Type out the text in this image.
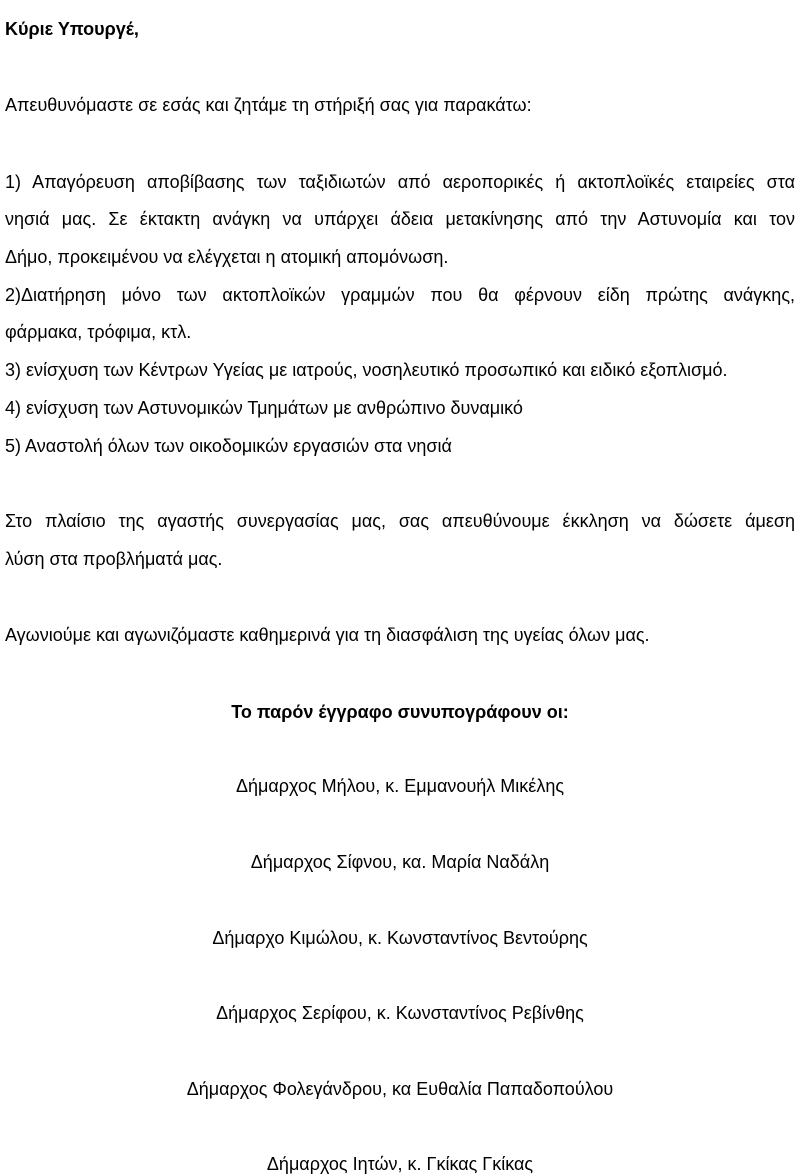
Κύριε Υπουργέ,
Απευθυνόμαστε σε εσάς και ζητάμε τη στήριξή σας για παρακάτω:
1) Απαγόρευση αποβίβασης των ταξιδιωτών από αεροπορικές ή ακτοπλοϊκές εταιρείες στα
νησιά μας. Σε έκτακτη ανάγκη να υπάρχει άδεια μετακίνησης από την Αστυνομία και τον
Δήμο, προκειμένου να ελέγχεται η ατομική απομόνωση.
2)Διατήρηση μόνο των ακτοπλοϊκών γραμμών που θα φέρνουν είδη πρώτης ανάγκης,
φάρμακα, τρόφιμα, κτλ.
3) ενίσχυση των Κέντρων Υγείας με ιατρούς, νοσηλευτικό προσωπικό και ειδικό εξοπλισμό.
4) ενίσχυση των Αστυνομικών Τμημάτων με ανθρώπινο δυναμικό
5) Αναστολή όλων των οικοδομικών εργασιών στα νησιά
Στο πλαίσιο της αγαστής συνεργασίας μας, σας απευθύνουμε έκκληση να δώσετε άμεση
λύση στα προβλήματά μας.
Αγωνιούμε και αγωνιζόμαστε καθημερινά για τη διασφάλιση της υγείας όλων μας.
Το παρόν έγγραφο συνυπογράφουν οι:
Δήμαρχος Μήλου, κ. Εμμανουήλ Μικέλης
Δήμαρχος Σίφνου, κα. Μαρία Ναδάλη
Δήμαρχο Κιμώλου, κ. Κωνσταντίνος Βεντούρης
Δήμαρχος Σερίφου, κ. Κωνσταντίνος Ρεβίνθης
Δήμαρχος Φολεγάνδρου, κα Ευθαλία Παπαδοπούλου
Δήμαρχος Ιητών, κ. Γκίκας Γκίκας
